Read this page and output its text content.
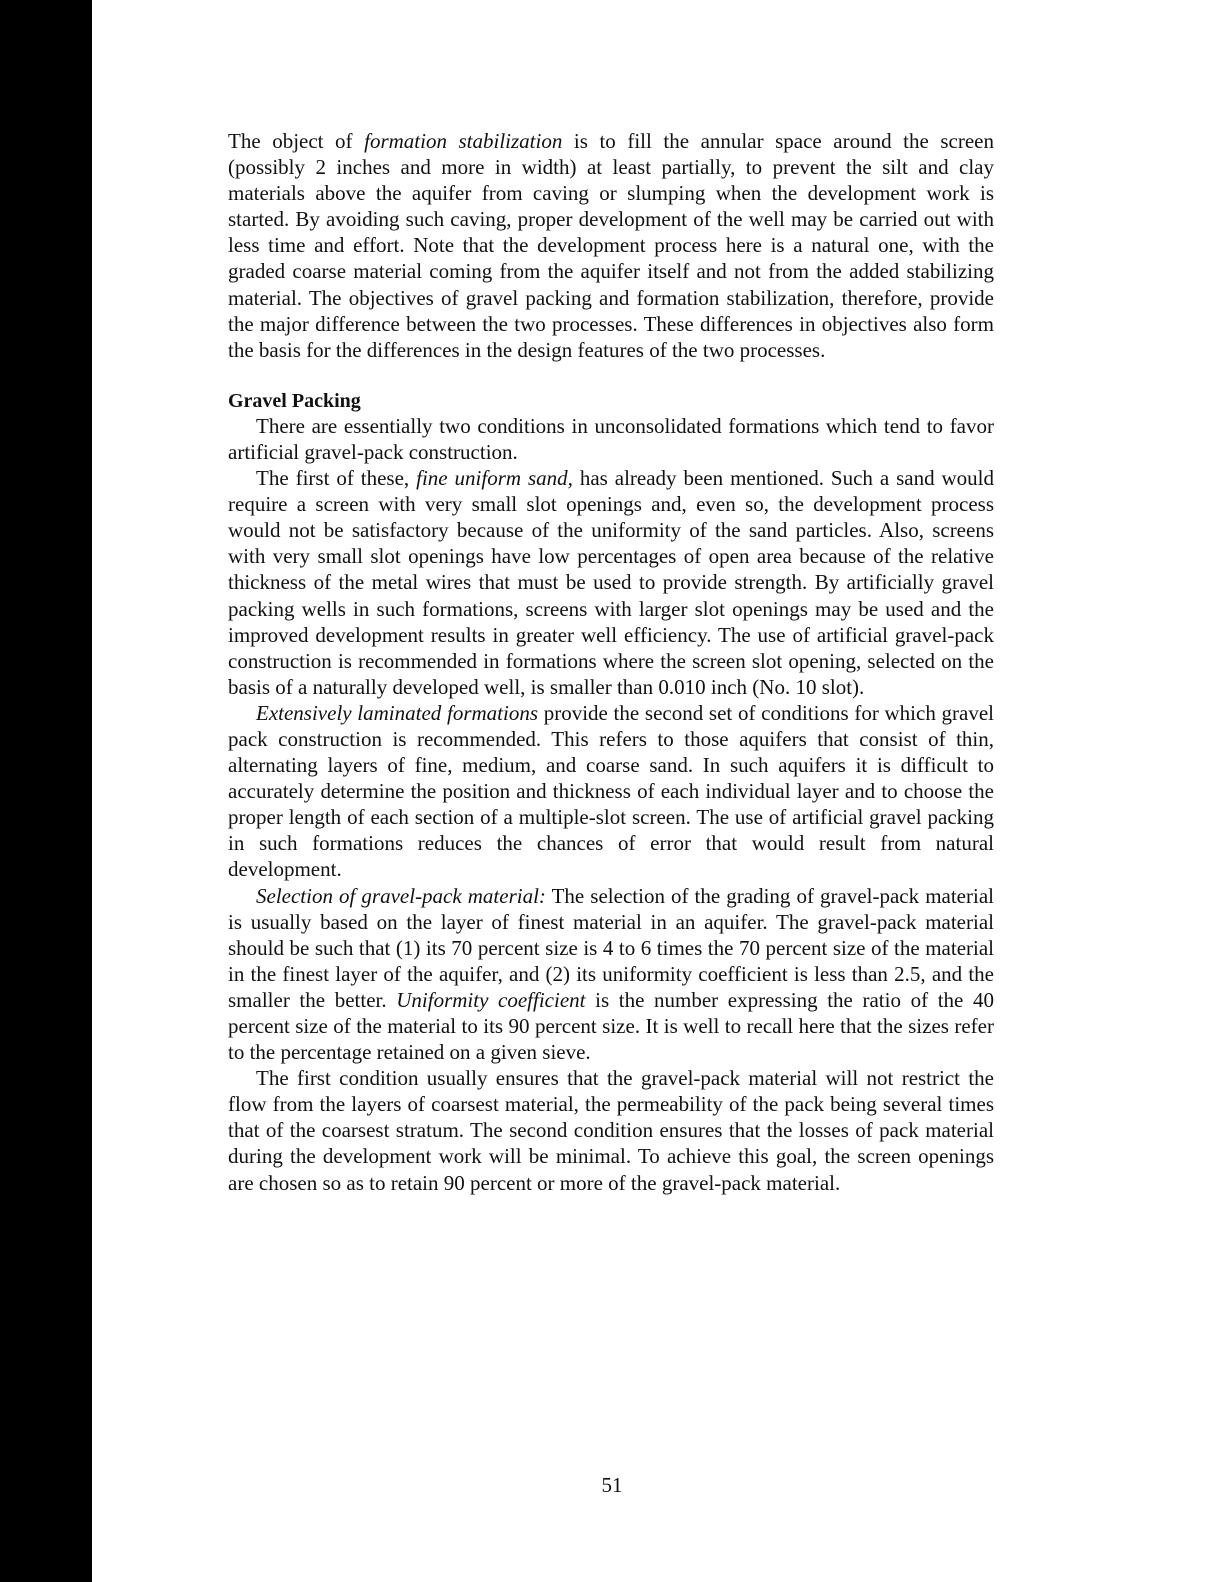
The object of formation stabilization is to fill the annular space around the screen (possibly 2 inches and more in width) at least partially, to prevent the silt and clay materials above the aquifer from caving or slumping when the development work is started. By avoiding such caving, proper development of the well may be carried out with less time and effort. Note that the development process here is a natural one, with the graded coarse material coming from the aquifer itself and not from the added stabilizing material. The objectives of gravel packing and formation stabilization, therefore, provide the major difference between the two processes. These differences in objectives also form the basis for the differences in the design features of the two processes.

Gravel Packing

There are essentially two conditions in unconsolidated formations which tend to favor artificial gravel-pack construction.

The first of these, fine uniform sand, has already been mentioned. Such a sand would require a screen with very small slot openings and, even so, the development process would not be satisfactory because of the uniformity of the sand particles. Also, screens with very small slot openings have low percentages of open area because of the relative thickness of the metal wires that must be used to provide strength. By artificially gravel packing wells in such formations, screens with larger slot openings may be used and the improved development results in greater well efficiency. The use of artificial gravel-pack construction is recommended in formations where the screen slot opening, selected on the basis of a naturally developed well, is smaller than 0.010 inch (No. 10 slot).

Extensively laminated formations provide the second set of conditions for which gravel pack construction is recommended. This refers to those aquifers that consist of thin, alternating layers of fine, medium, and coarse sand. In such aquifers it is difficult to accurately determine the position and thickness of each individual layer and to choose the proper length of each section of a multiple-slot screen. The use of artificial gravel packing in such formations reduces the chances of error that would result from natural development.

Selection of gravel-pack material: The selection of the grading of gravel-pack material is usually based on the layer of finest material in an aquifer. The gravel-pack material should be such that (1) its 70 percent size is 4 to 6 times the 70 percent size of the material in the finest layer of the aquifer, and (2) its uniformity coefficient is less than 2.5, and the smaller the better. Uniformity coefficient is the number expressing the ratio of the 40 percent size of the material to its 90 percent size. It is well to recall here that the sizes refer to the percentage retained on a given sieve.

The first condition usually ensures that the gravel-pack material will not restrict the flow from the layers of coarsest material, the permeability of the pack being several times that of the coarsest stratum. The second condition ensures that the losses of pack material during the development work will be minimal. To achieve this goal, the screen openings are chosen so as to retain 90 percent or more of the gravel-pack material.

51
